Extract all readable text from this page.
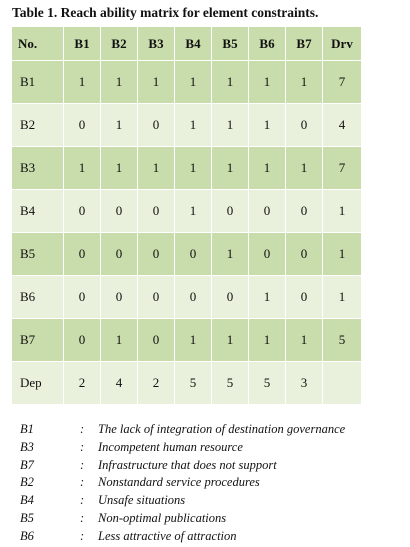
Table 1. Reach ability matrix for element constraints.
No.	B1	B2	B3	B4	B5	B6	B7	Drv
B1	1	1	1	1	1	1	1	7
B2	0	1	0	1	1	1	0	4
B3	1	1	1	1	1	1	1	7
B4	0	0	0	1	0	0	0	1
B5	0	0	0	0	1	0	0	1
B6	0	0	0	0	0	1	0	1
B7	0	1	0	1	1	1	1	5
Dep	2	4	2	5	5	5	3	
B1	: The lack of integration of destination governance
B3	: Incompetent human resource
B7	: Infrastructure that does not support
B2	: Nonstandard service procedures
B4	: Unsafe situations
B5	: Non-optimal publications
B6	: Less attractive of attraction
